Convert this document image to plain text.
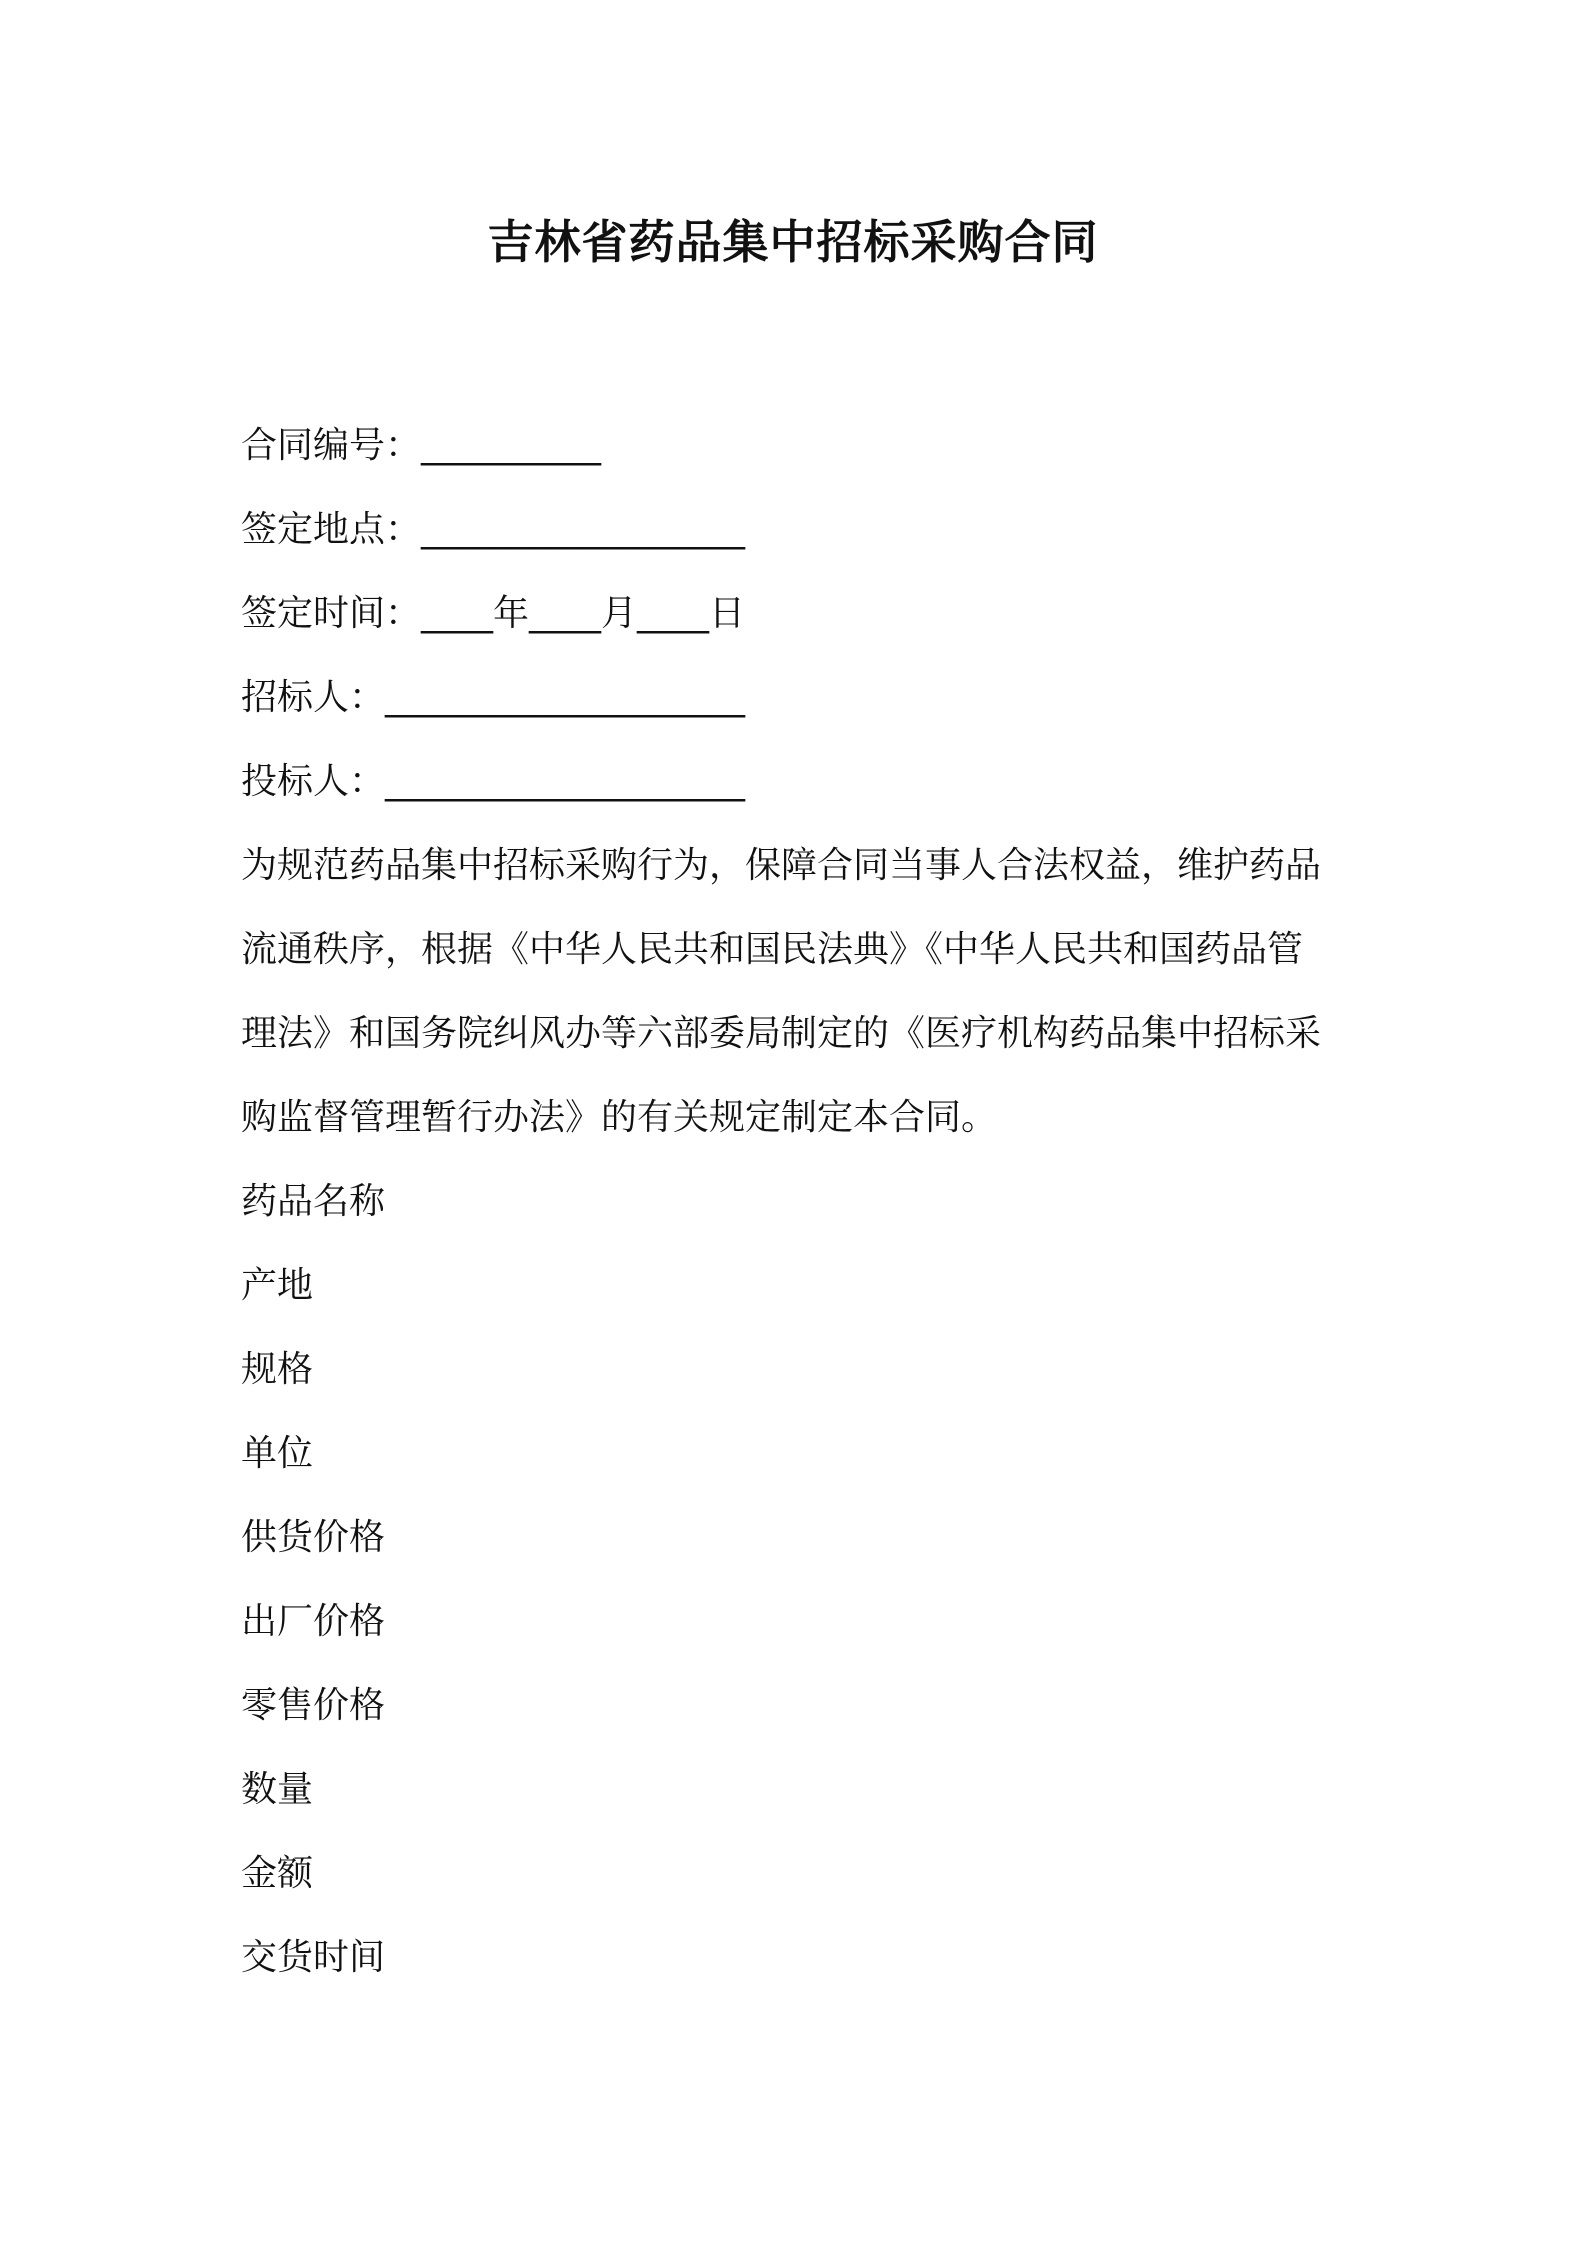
吉林省药品集中招标采购合同
合同编号：__________
签定地点：__________________
签定时间：____年____月____日
招标人：____________________
投标人：____________________
为规范药品集中招标采购行为，保障合同当事人合法权益，维护药品
流通秩序，根据《中华人民共和国民法典》《中华人民共和国药品管
理法》和国务院纠风办等六部委局制定的《医疗机构药品集中招标采
购监督管理暂行办法》的有关规定制定本合同。
药品名称
产地
规格
单位
供货价格
出厂价格
零售价格
数量
金额
交货时间
